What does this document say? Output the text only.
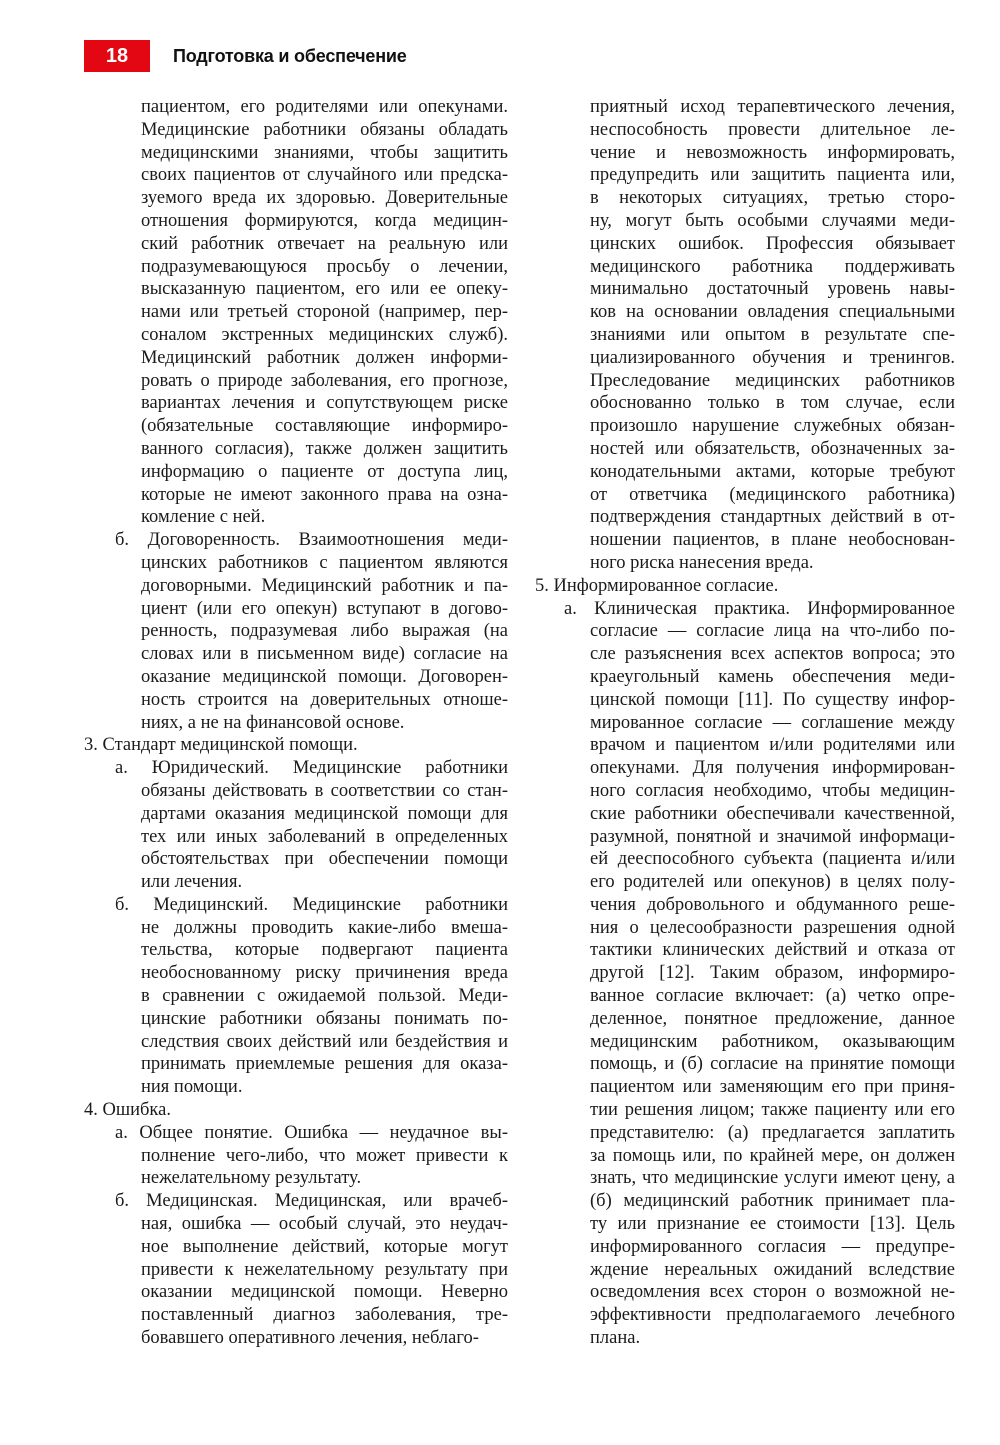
18	Подготовка и обеспечение
пациентом, его родителями или опекунами.
Медицинские работники обязаны обладать
медицинскими знаниями, чтобы защитить
своих пациентов от случайного или предска-
зуемого вреда их здоровью. Доверительные
отношения формируются, когда медицин-
ский работник отвечает на реальную или
подразумевающуюся просьбу о лечении,
высказанную пациентом, его или ее опеку-
нами или третьей стороной (например, пер-
соналом экстренных медицинских служб).
Медицинский работник должен информи-
ровать о природе заболевания, его прогнозе,
вариантах лечения и сопутствующем риске
(обязательные составляющие информиро-
ванного согласия), также должен защитить
информацию о пациенте от доступа лиц,
которые не имеют законного права на озна-
комление с ней.
б. Договоренность. Взаимоотношения меди-
цинских работников с пациентом являются
договорными. Медицинский работник и па-
циент (или его опекун) вступают в догово-
ренность, подразумевая либо выражая (на
словах или в письменном виде) согласие на
оказание медицинской помощи. Договорен-
ность строится на доверительных отноше-
ниях, а не на финансовой основе.
3. Стандарт медицинской помощи.
а. Юридический. Медицинские работники
обязаны действовать в соответствии со стан-
дартами оказания медицинской помощи для
тех или иных заболеваний в определенных
обстоятельствах при обеспечении помощи
или лечения.
б. Медицинский. Медицинские работники
не должны проводить какие-либо вмеша-
тельства, которые подвергают пациента
необоснованному риску причинения вреда
в сравнении с ожидаемой пользой. Меди-
цинские работники обязаны понимать по-
следствия своих действий или бездействия и
принимать приемлемые решения для оказа-
ния помощи.
4. Ошибка.
а. Общее понятие. Ошибка — неудачное вы-
полнение чего-либо, что может привести к
нежелательному результату.
б. Медицинская. Медицинская, или врачеб-
ная, ошибка — особый случай, это неудач-
ное выполнение действий, которые могут
привести к нежелательному результату при
оказании медицинской помощи. Неверно
поставленный диагноз заболевания, тре-
бовавшего оперативного лечения, неблаго-
приятный исход терапевтического лечения,
неспособность провести длительное ле-
чение и невозможность информировать,
предупредить или защитить пациента или,
в некоторых ситуациях, третью сторо-
ну, могут быть особыми случаями меди-
цинских ошибок. Профессия обязывает
медицинского работника поддерживать
минимально достаточный уровень навы-
ков на основании овладения специальными
знаниями или опытом в результате спе-
циализированного обучения и тренингов.
Преследование медицинских работников
обоснованно только в том случае, если
произошло нарушение служебных обязан-
ностей или обязательств, обозначенных за-
конодательными актами, которые требуют
от ответчика (медицинского работника)
подтверждения стандартных действий в от-
ношении пациентов, в плане необоснован-
ного риска нанесения вреда.
5. Информированное согласие.
а. Клиническая практика. Информированное
согласие — согласие лица на что-либо по-
сле разъяснения всех аспектов вопроса; это
краеугольный камень обеспечения меди-
цинской помощи [11]. По существу инфор-
мированное согласие — соглашение между
врачом и пациентом и/или родителями или
опекунами. Для получения информирован-
ного согласия необходимо, чтобы медицин-
ские работники обеспечивали качественной,
разумной, понятной и значимой информаци-
ей дееспособного субъекта (пациента и/или
его родителей или опекунов) в целях полу-
чения добровольного и обдуманного реше-
ния о целесообразности разрешения одной
тактики клинических действий и отказа от
другой [12]. Таким образом, информиро-
ванное согласие включает: (а) четко опре-
деленное, понятное предложение, данное
медицинским работником, оказывающим
помощь, и (б) согласие на принятие помощи
пациентом или заменяющим его при приня-
тии решения лицом; также пациенту или его
представителю: (а) предлагается заплатить
за помощь или, по крайней мере, он должен
знать, что медицинские услуги имеют цену, а
(б) медицинский работник принимает пла-
ту или признание ее стоимости [13]. Цель
информированного согласия — предупре-
ждение нереальных ожиданий вследствие
осведомления всех сторон о возможной не-
эффективности предполагаемого лечебного
плана.
